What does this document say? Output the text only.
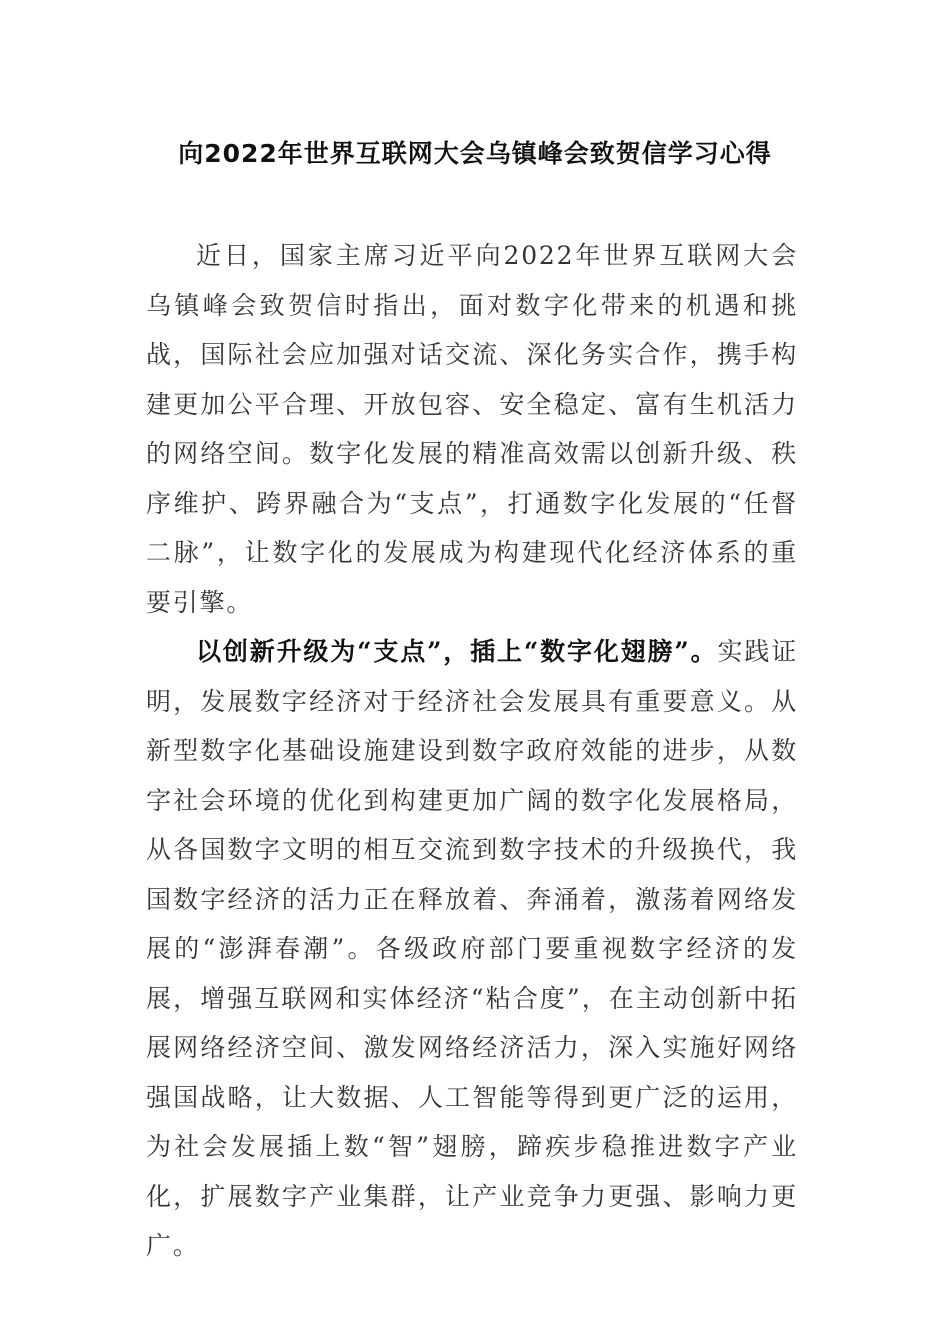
向2022年世界互联网大会乌镇峰会致贺信学习心得

近日，国家主席习近平向2022年世界互联网大会乌镇峰会致贺信时指出，面对数字化带来的机遇和挑战，国际社会应加强对话交流、深化务实合作，携手构建更加公平合理、开放包容、安全稳定、富有生机活力的网络空间。数字化发展的精准高效需以创新升级、秩序维护、跨界融合为“支点”，打通数字化发展的“任督二脉”，让数字化的发展成为构建现代化经济体系的重要引擎。

以创新升级为“支点”，插上“数字化翅膀”。实践证明，发展数字经济对于经济社会发展具有重要意义。从新型数字化基础设施建设到数字政府效能的进步，从数字社会环境的优化到构建更加广阔的数字化发展格局，从各国数字文明的相互交流到数字技术的升级换代，我国数字经济的活力正在释放着、奔涌着，激荡着网络发展的“澎湃春潮”。各级政府部门要重视数字经济的发展，增强互联网和实体经济“粘合度”，在主动创新中拓展网络经济空间、激发网络经济活力，深入实施好网络强国战略，让大数据、人工智能等得到更广泛的运用，为社会发展插上数“智”翅膀，蹄疾步稳推进数字产业化，扩展数字产业集群，让产业竞争力更强、影响力更广。
